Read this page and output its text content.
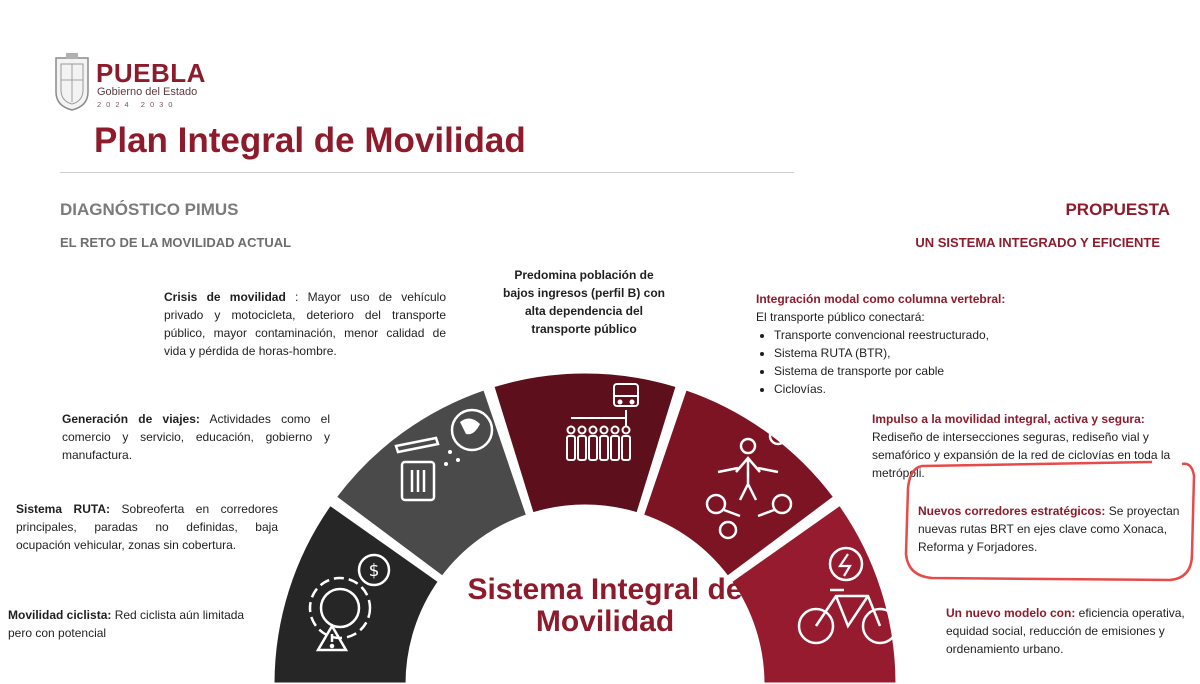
PUEBLA
Gobierno del Estado
2024 2030
Plan Integral de Movilidad
DIAGNÓSTICO PIMUS
EL RETO DE LA MOVILIDAD ACTUAL
Crisis de movilidad : Mayor uso de vehículo privado y motocicleta, deterioro del transporte público, mayor contaminación, menor calidad de vida y pérdida de horas-hombre.
Generación de viajes: Actividades como el comercio y servicio, educación, gobierno y manufactura.
Sistema RUTA: Sobreoferta en corredores principales, paradas no definidas, baja ocupación vehicular, zonas sin cobertura.
Movilidad ciclista: Red ciclista aún limitada pero con potencial
Predomina población de bajos ingresos (perfil B) con alta dependencia del transporte público
PROPUESTA
UN SISTEMA INTEGRADO Y EFICIENTE
Integración modal como columna vertebral:
El transporte público conectará:
• Transporte convencional reestructurado,
• Sistema RUTA (BTR),
• Sistema de transporte por cable
• Ciclovías.
Impulso a la movilidad integral, activa y segura:
Rediseño de intersecciones seguras, rediseño vial y semafórico y expansión de la red de ciclovías en toda la metrópoli.
Nuevos corredores estratégicos: Se proyectan nuevas rutas BRT en ejes clave como Xonaca, Reforma y Forjadores.
Un nuevo modelo con: eficiencia operativa, equidad social, reducción de emisiones y ordenamiento urbano.
$
Sistema Integral de Movilidad
